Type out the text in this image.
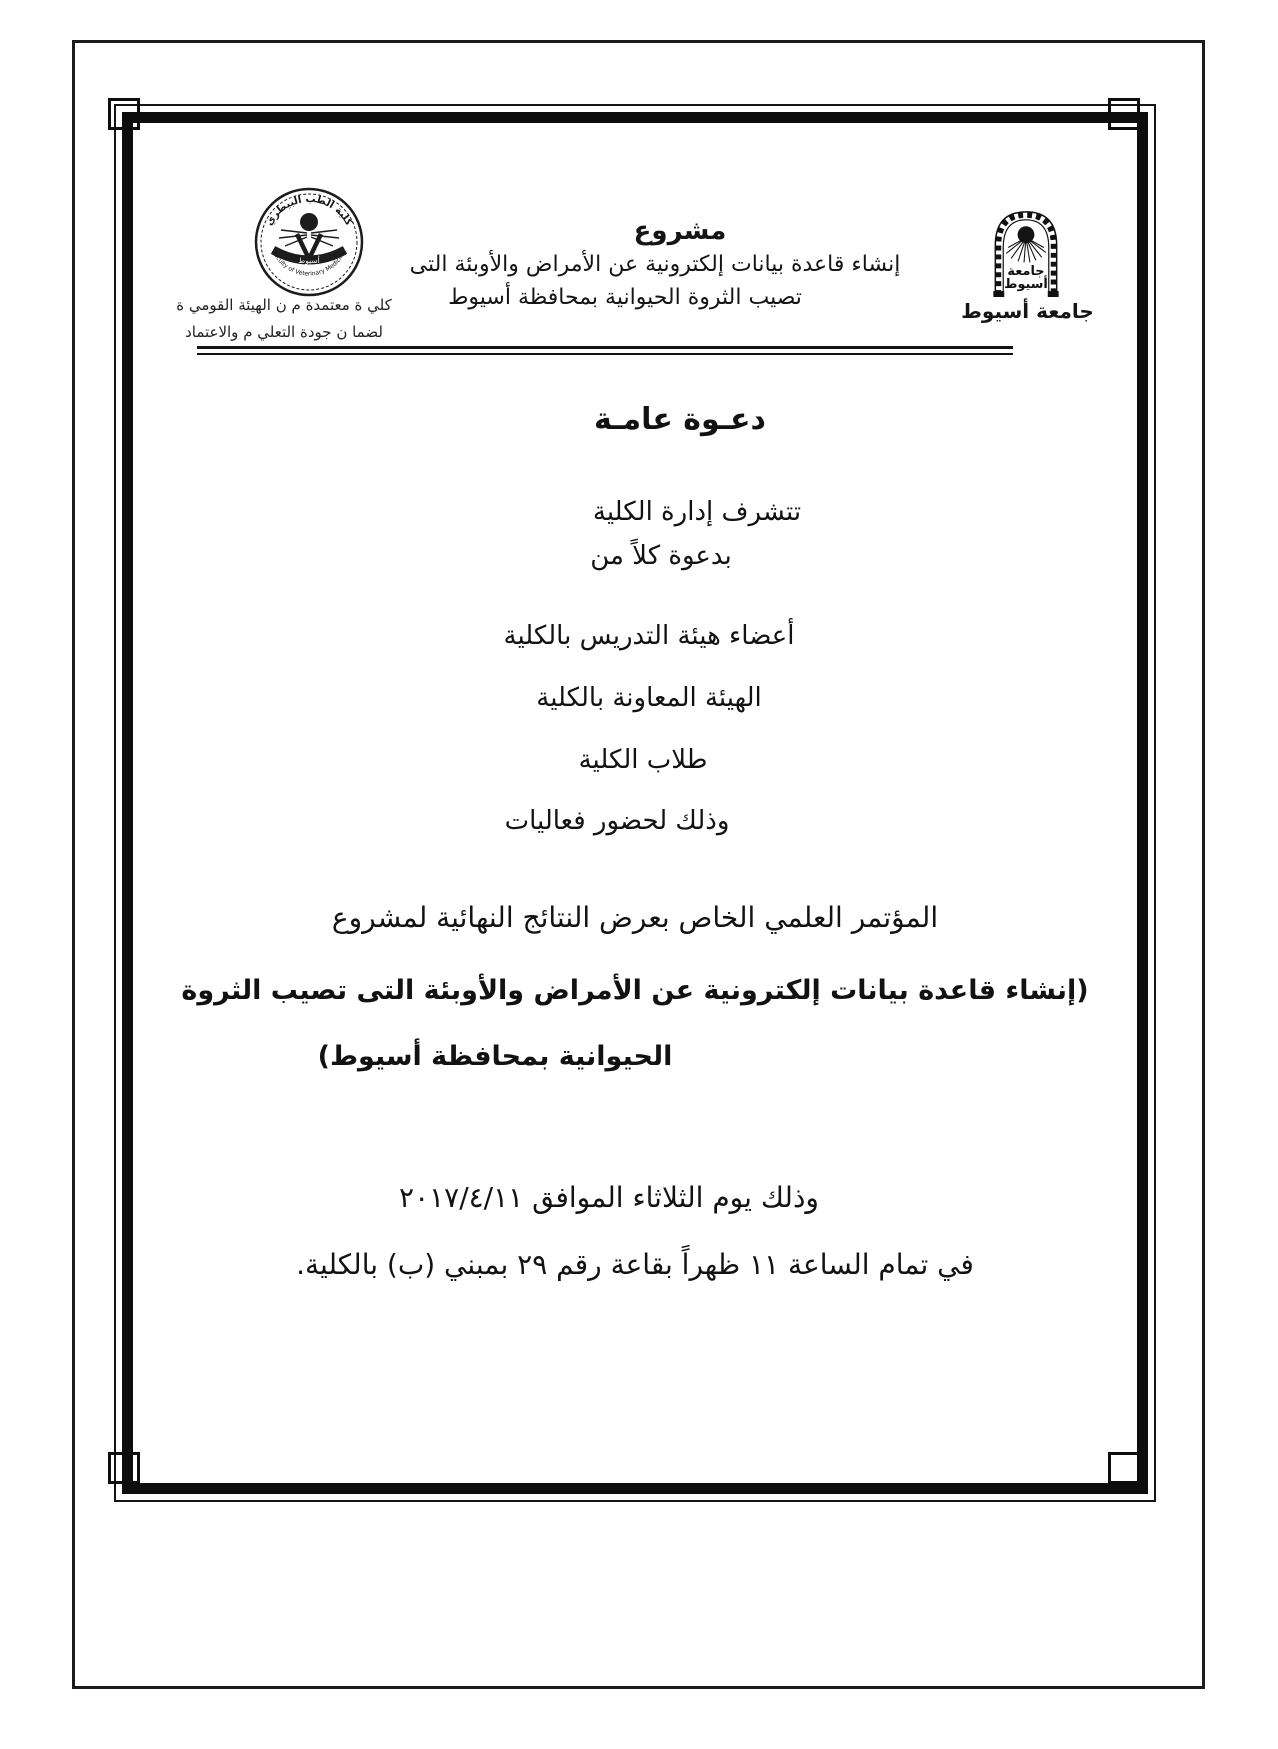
كلية الطب البيطري
أسيوط
Faculty of Veterinary Medicine
كلي ة معتمدة م ن الهيئة القومي ة
لضما ن جودة التعلي م والاعتماد
مشروع
إنشاء قاعدة بيانات إلكترونية عن الأمراض والأوبئة التى
تصيب الثروة الحيوانية بمحافظة أسيوط
جامعة
أسيوط
جامعة أسيوط
دعـوة عامـة
تتشرف إدارة الكلية
بدعوة كلاً من
أعضاء هيئة التدريس بالكلية
الهيئة المعاونة بالكلية
طلاب الكلية
وذلك لحضور فعاليات
المؤتمر العلمي الخاص بعرض النتائج النهائية لمشروع
(إنشاء قاعدة بيانات إلكترونية عن الأمراض والأوبئة التى تصيب الثروة
الحيوانية بمحافظة أسيوط)
وذلك يوم الثلاثاء الموافق ٢٠١٧/٤/١١
في تمام الساعة ١١ ظهراً بقاعة رقم ٢٩ بمبني (ب) بالكلية.
